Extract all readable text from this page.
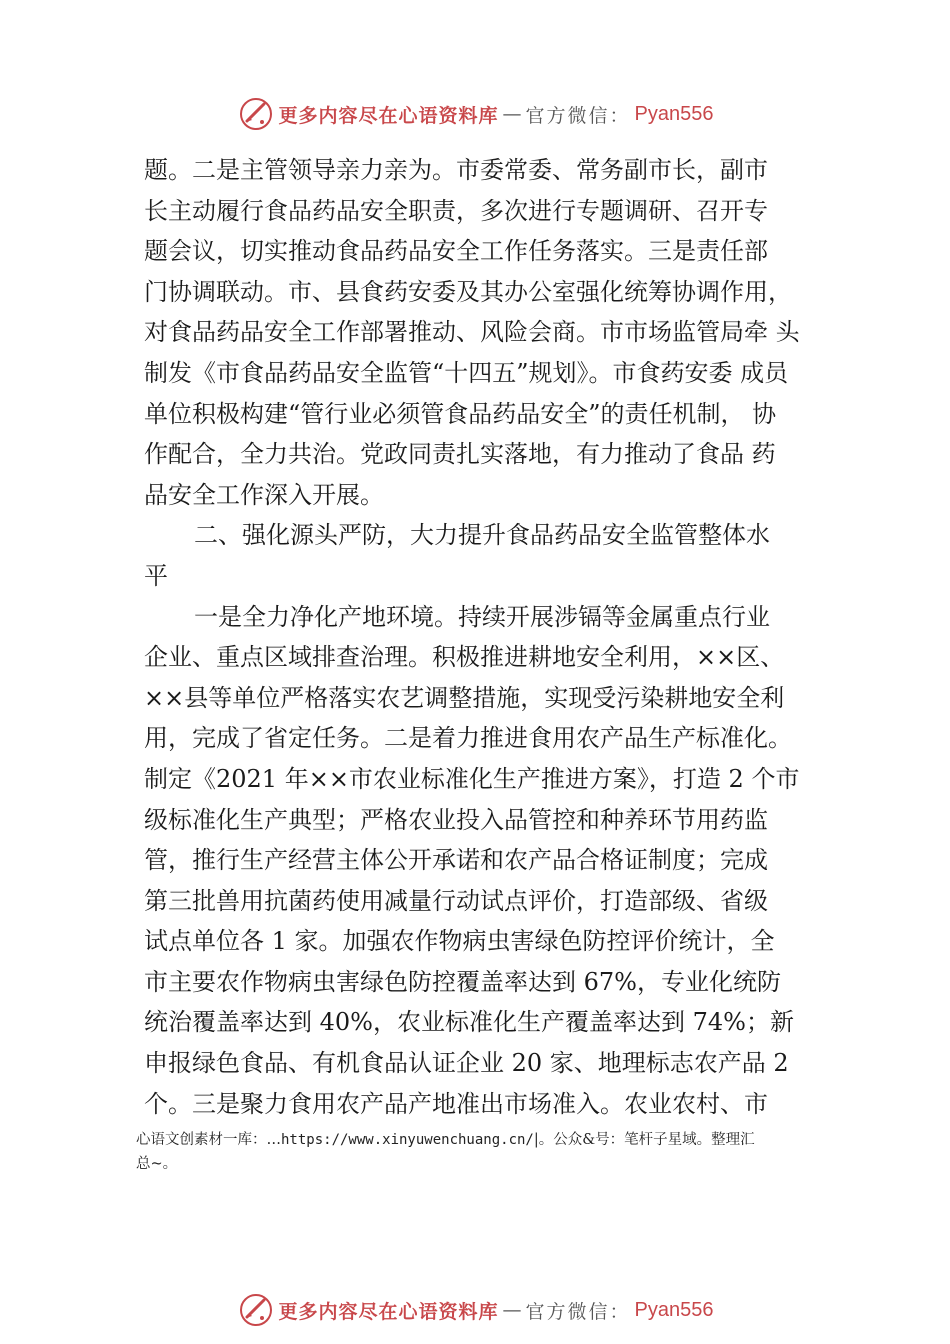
更多内容尽在心语资料库 — 官方微信： Pyan556
题。二是主管领导亲力亲为。市委常委、常务副市长，副市
长主动履行食品药品安全职责，多次进行专题调研、召开专
题会议，切实推动食品药品安全工作任务落实。三是责任部
门协调联动。市、县食药安委及其办公室强化统筹协调作用，
对食品药品安全工作部署推动、风险会商。市市场监管局牵 头
制发《市食品药品安全监管“十四五”规划》。市食药安委 成员
单位积极构建“管行业必须管食品药品安全”的责任机制， 协
作配合，全力共治。党政同责扎实落地，有力推动了食品 药
品安全工作深入开展。
二、强化源头严防，大力提升食品药品安全监管整体水
平
一是全力净化产地环境。持续开展涉镉等金属重点行业
企业、重点区域排查治理。积极推进耕地安全利用，××区、
××县等单位严格落实农艺调整措施，实现受污染耕地安全利
用，完成了省定任务。二是着力推进食用农产品生产标准化。
制定《2021 年××市农业标准化生产推进方案》，打造 2 个市
级标准化生产典型；严格农业投入品管控和种养环节用药监
管，推行生产经营主体公开承诺和农产品合格证制度；完成
第三批兽用抗菌药使用减量行动试点评价，打造部级、省级
试点单位各 1 家。加强农作物病虫害绿色防控评价统计，全
市主要农作物病虫害绿色防控覆盖率达到 67%，专业化统防
统治覆盖率达到 40%，农业标准化生产覆盖率达到 74%；新
申报绿色食品、有机食品认证企业 20 家、地理标志农产品 2
个。三是聚力食用农产品产地准出市场准入。农业农村、市
心语文创素材一库：…https://www.xinyuwenchuang.cn/|。公众&号：笔杆子星域。整理汇
总~。
更多内容尽在心语资料库 — 官方微信： Pyan556
